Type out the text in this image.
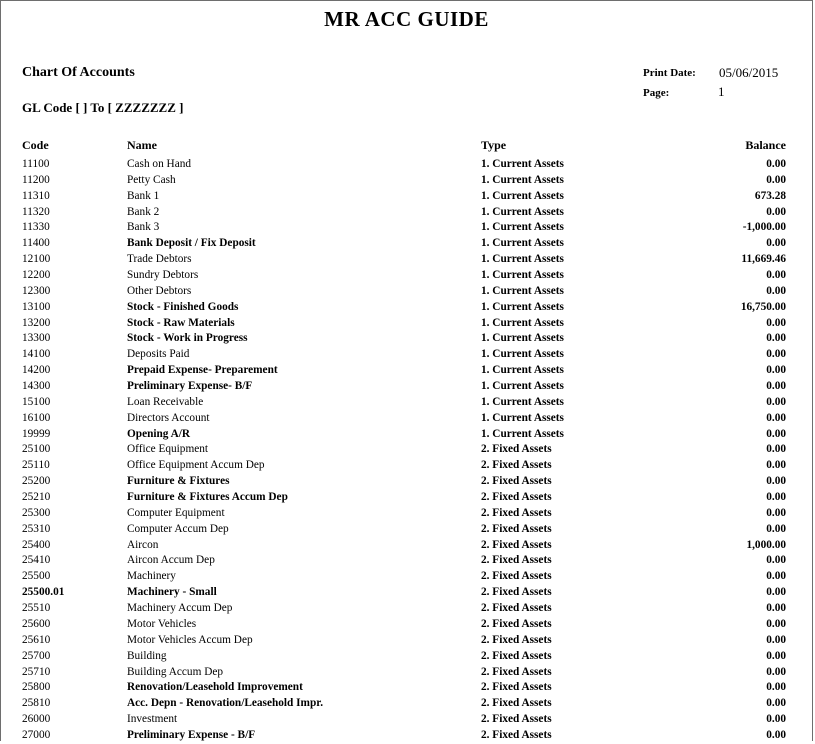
MR ACC GUIDE
Chart Of Accounts
GL Code [ ] To [ ZZZZZZZ ]
Print Date: 05/06/2015
Page:	1
Code	Name	Type	Balance
11100	Cash on Hand	1. Current Assets	0.00
11200	Petty Cash	1. Current Assets	0.00
11310	Bank 1	1. Current Assets	673.28
11320	Bank 2	1. Current Assets	0.00
11330	Bank 3	1. Current Assets	-1,000.00
11400	Bank Deposit / Fix Deposit	1. Current Assets	0.00
12100	Trade Debtors	1. Current Assets	11,669.46
12200	Sundry Debtors	1. Current Assets	0.00
12300	Other Debtors	1. Current Assets	0.00
13100	Stock - Finished Goods	1. Current Assets	16,750.00
13200	Stock - Raw Materials	1. Current Assets	0.00
13300	Stock - Work in Progress	1. Current Assets	0.00
14100	Deposits Paid	1. Current Assets	0.00
14200	Prepaid Expense- Preparement	1. Current Assets	0.00
14300	Preliminary Expense- B/F	1. Current Assets	0.00
15100	Loan Receivable	1. Current Assets	0.00
16100	Directors Account	1. Current Assets	0.00
19999	Opening A/R	1. Current Assets	0.00
25100	Office Equipment	2. Fixed Assets	0.00
25110	Office Equipment Accum Dep	2. Fixed Assets	0.00
25200	Furniture & Fixtures	2. Fixed Assets	0.00
25210	Furniture & Fixtures Accum Dep	2. Fixed Assets	0.00
25300	Computer Equipment	2. Fixed Assets	0.00
25310	Computer Accum Dep	2. Fixed Assets	0.00
25400	Aircon	2. Fixed Assets	1,000.00
25410	Aircon Accum Dep	2. Fixed Assets	0.00
25500	Machinery	2. Fixed Assets	0.00
25500.01	Machinery - Small	2. Fixed Assets	0.00
25510	Machinery Accum Dep	2. Fixed Assets	0.00
25600	Motor Vehicles	2. Fixed Assets	0.00
25610	Motor Vehicles Accum Dep	2. Fixed Assets	0.00
25700	Building	2. Fixed Assets	0.00
25710	Building Accum Dep	2. Fixed Assets	0.00
25800	Renovation/Leasehold Improvement	2. Fixed Assets	0.00
25810	Acc. Depn - Renovation/Leasehold Impr.	2. Fixed Assets	0.00
26000	Investment	2. Fixed Assets	0.00
27000	Preliminary Expense - B/F	2. Fixed Assets	0.00
